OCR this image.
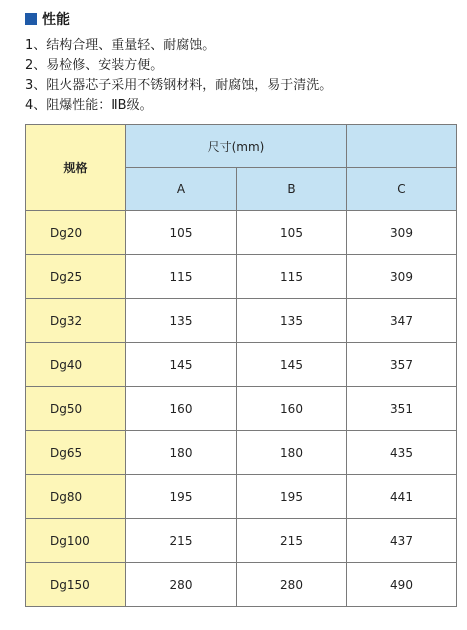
性能
1、结构合理、重量轻、耐腐蚀。
2、易检修、安装方便。
3、阻火器芯子采用不锈钢材料，耐腐蚀，易于清洗。
4、阻爆性能：ⅡB级。
规格	尺寸(mm)		
	A	B	C
Dg20	105	105	309
Dg25	115	115	309
Dg32	135	135	347
Dg40	145	145	357
Dg50	160	160	351
Dg65	180	180	435
Dg80	195	195	441
Dg100	215	215	437
Dg150	280	280	490
